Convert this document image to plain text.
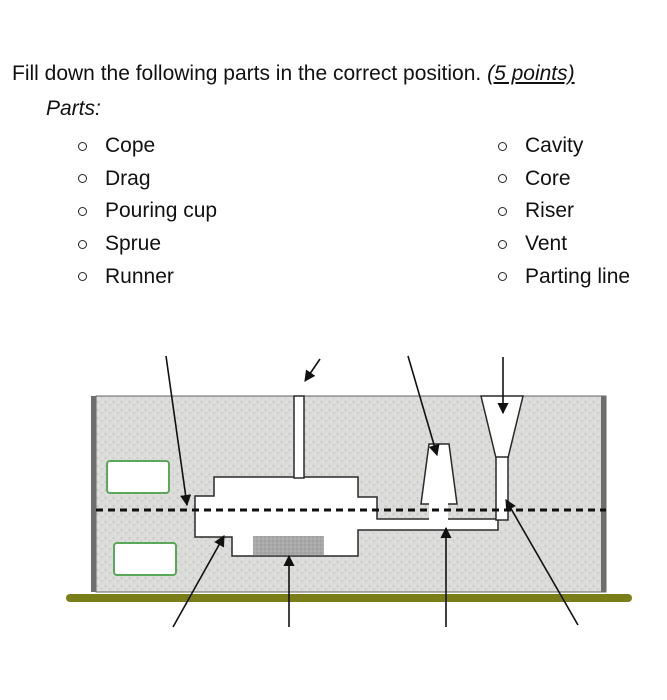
Fill down the following parts in the correct position. (5 points)
Parts:
Cope
Drag
Pouring cup
Sprue
Runner
Cavity
Core
Riser
Vent
Parting line
